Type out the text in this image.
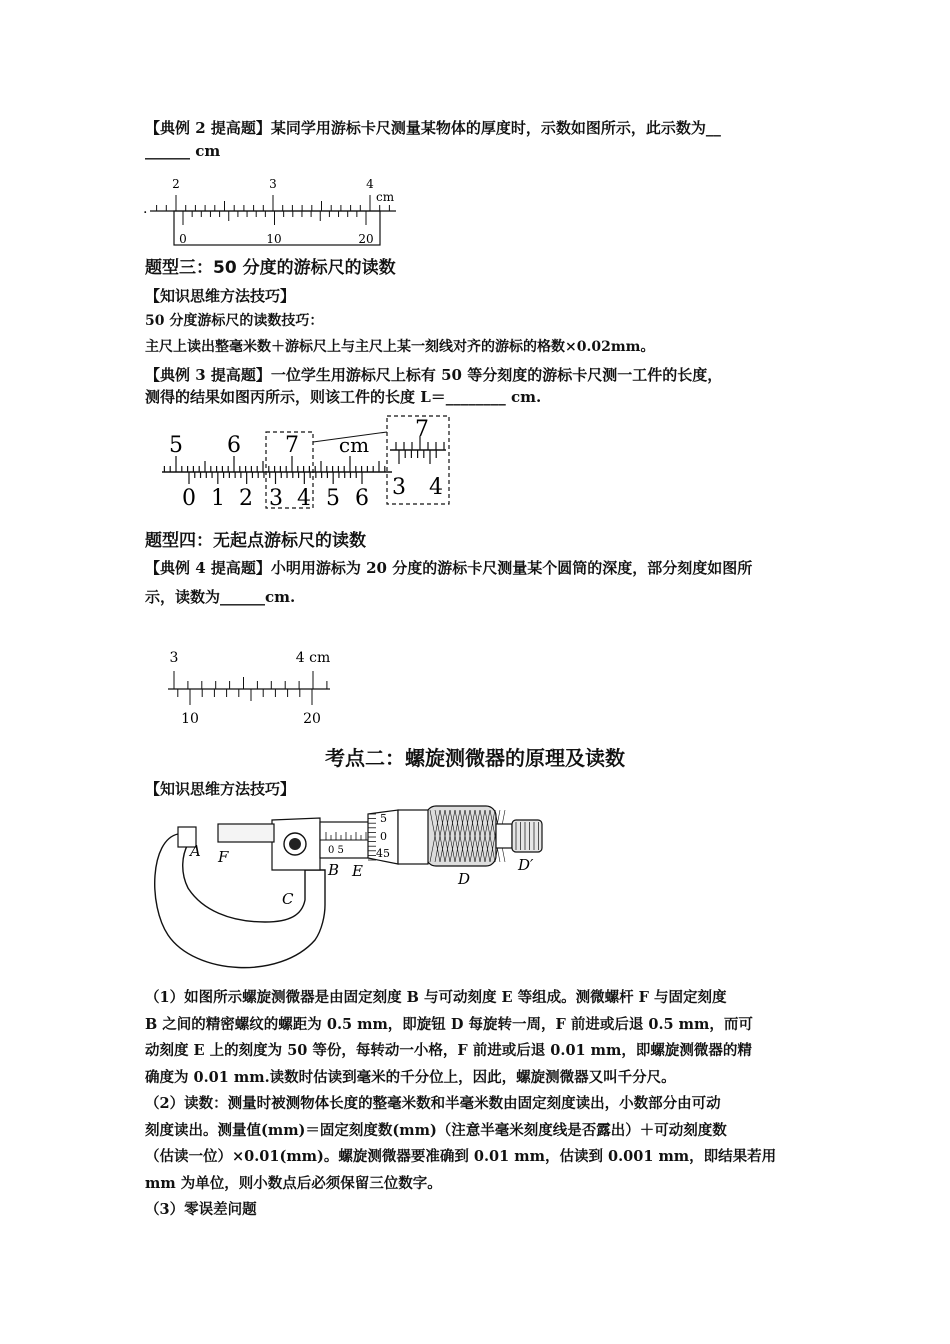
【典例 2 提高题】某同学用游标卡尺测量某物体的厚度时，示数如图所示，此示数为__
______ cm
.
2	3	4
cm
0	10	20
题型三：50 分度的游标尺的读数
【知识思维方法技巧】
50 分度游标尺的读数技巧：
主尺上读出整毫米数＋游标尺上与主尺上某一刻线对齐的游标的格数×0.02mm。
【典例 3 提高题】一位学生用游标尺上标有 50 等分刻度的游标卡尺测一工件的长度，
测得的结果如图丙所示，则该工件的长度 L＝________ cm.
5 6 7 cm
0 1 2 3 4 5 6
7
3 4
题型四：无起点游标尺的读数
【典例 4 提高题】小明用游标为 20 分度的游标卡尺测量某个圆筒的深度，部分刻度如图所
示，读数为______cm.
3	4 cm
10	20
考点二：螺旋测微器的原理及读数
【知识思维方法技巧】
0 5
5
0
45
A F
B E
C
D
D′
（1）如图所示螺旋测微器是由固定刻度 B 与可动刻度 E 等组成。测微螺杆 F 与固定刻度
B 之间的精密螺纹的螺距为 0.5 mm，即旋钮 D 每旋转一周，F 前进或后退 0.5 mm，而可
动刻度 E 上的刻度为 50 等份，每转动一小格，F 前进或后退 0.01 mm，即螺旋测微器的精
确度为 0.01 mm.读数时估读到毫米的千分位上，因此，螺旋测微器又叫千分尺。
（2）读数：测量时被测物体长度的整毫米数和半毫米数由固定刻度读出，小数部分由可动
刻度读出。测量值(mm)＝固定刻度数(mm)（注意半毫米刻度线是否露出）＋可动刻度数
（估读一位）×0.01(mm)。螺旋测微器要准确到 0.01 mm，估读到 0.001 mm，即结果若用
mm 为单位，则小数点后必须保留三位数字。
（3）零误差问题
